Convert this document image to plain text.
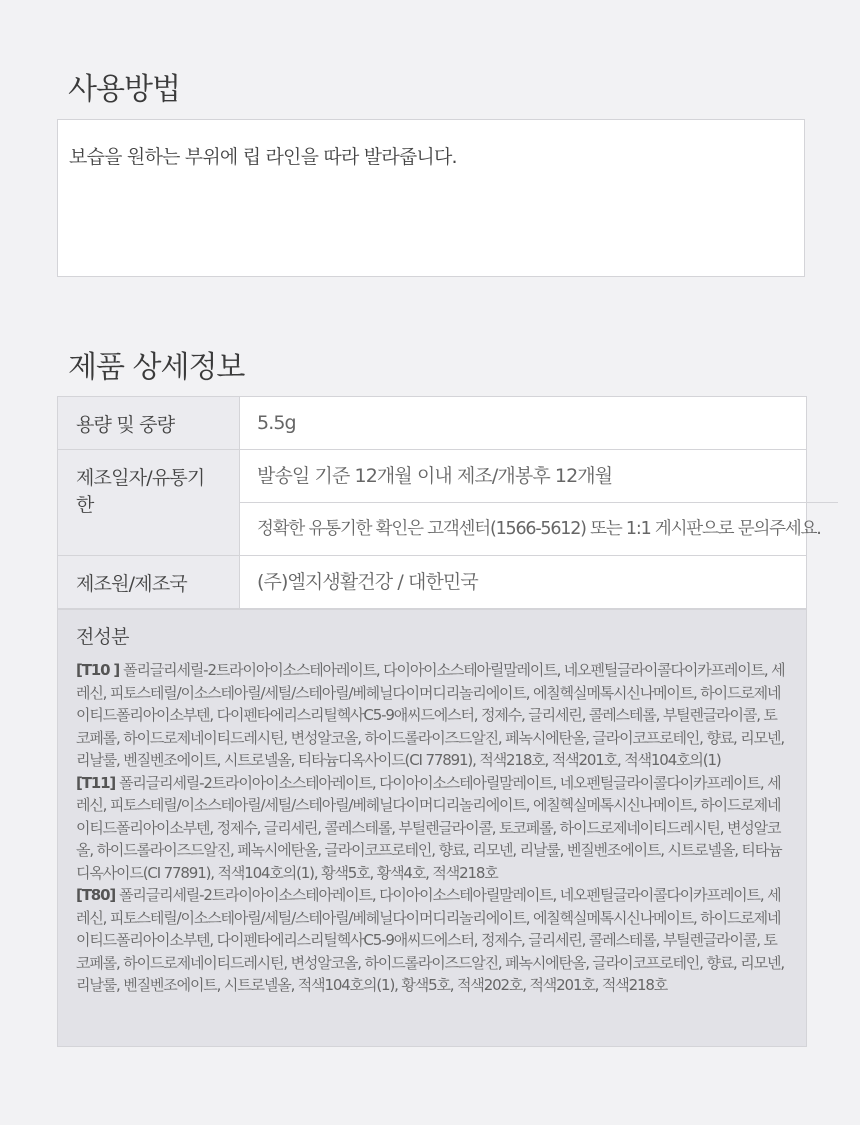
사용방법
보습을 원하는 부위에 립 라인을 따라 발라줍니다.
제품 상세정보
용량 및 중량	5.5g
제조일자/유통기한
발송일 기준 12개월 이내 제조/개봉후 12개월
정확한 유통기한 확인은 고객센터(1566-5612) 또는 1:1 게시판으로 문의주세요.
제조원/제조국	(주)엘지생활건강 / 대한민국
전성분
[T10 ] 폴리글리세릴-2트라이아이소스테아레이트, 다이아이소스테아릴말레이트, 네오펜틸글라이콜다이카프레이트, 세레신, 피토스테릴/이소스테아릴/세틸/스테아릴/베헤닐다이머디리놀리에이트, 에칠헥실메톡시신나메이트, 하이드로제네이티드폴리아이소부텐, 다이펜타에리스리틸헥사C5-9애씨드에스터, 정제수, 글리세린, 콜레스테롤, 부틸렌글라이콜, 토코페롤, 하이드로제네이티드레시틴, 변성알코올, 하이드롤라이즈드알진, 페녹시에탄올, 글라이코프로테인, 향료, 리모넨, 리날룰, 벤질벤조에이트, 시트로넬올, 티타늄디옥사이드(CI 77891), 적색218호, 적색201호, 적색104호의(1)
[T11] 폴리글리세릴-2트라이아이소스테아레이트, 다이아이소스테아릴말레이트, 네오펜틸글라이콜다이카프레이트, 세레신, 피토스테릴/이소스테아릴/세틸/스테아릴/베헤닐다이머디리놀리에이트, 에칠헥실메톡시신나메이트, 하이드로제네이티드폴리아이소부텐, 정제수, 글리세린, 콜레스테롤, 부틸렌글라이콜, 토코페롤, 하이드로제네이티드레시틴, 변성알코올, 하이드롤라이즈드알진, 페녹시에탄올, 글라이코프로테인, 향료, 리모넨, 리날룰, 벤질벤조에이트, 시트로넬올, 티타늄디옥사이드(CI 77891), 적색104호의(1), 황색5호, 황색4호, 적색218호
[T80] 폴리글리세릴-2트라이아이소스테아레이트, 다이아이소스테아릴말레이트, 네오펜틸글라이콜다이카프레이트, 세레신, 피토스테릴/이소스테아릴/세틸/스테아릴/베헤닐다이머디리놀리에이트, 에칠헥실메톡시신나메이트, 하이드로제네이티드폴리아이소부텐, 다이펜타에리스리틸헥사C5-9애씨드에스터, 정제수, 글리세린, 콜레스테롤, 부틸렌글라이콜, 토코페롤, 하이드로제네이티드레시틴, 변성알코올, 하이드롤라이즈드알진, 페녹시에탄올, 글라이코프로테인, 향료, 리모넨, 리날룰, 벤질벤조에이트, 시트로넬올, 적색104호의(1), 황색5호, 적색202호, 적색201호, 적색218호
